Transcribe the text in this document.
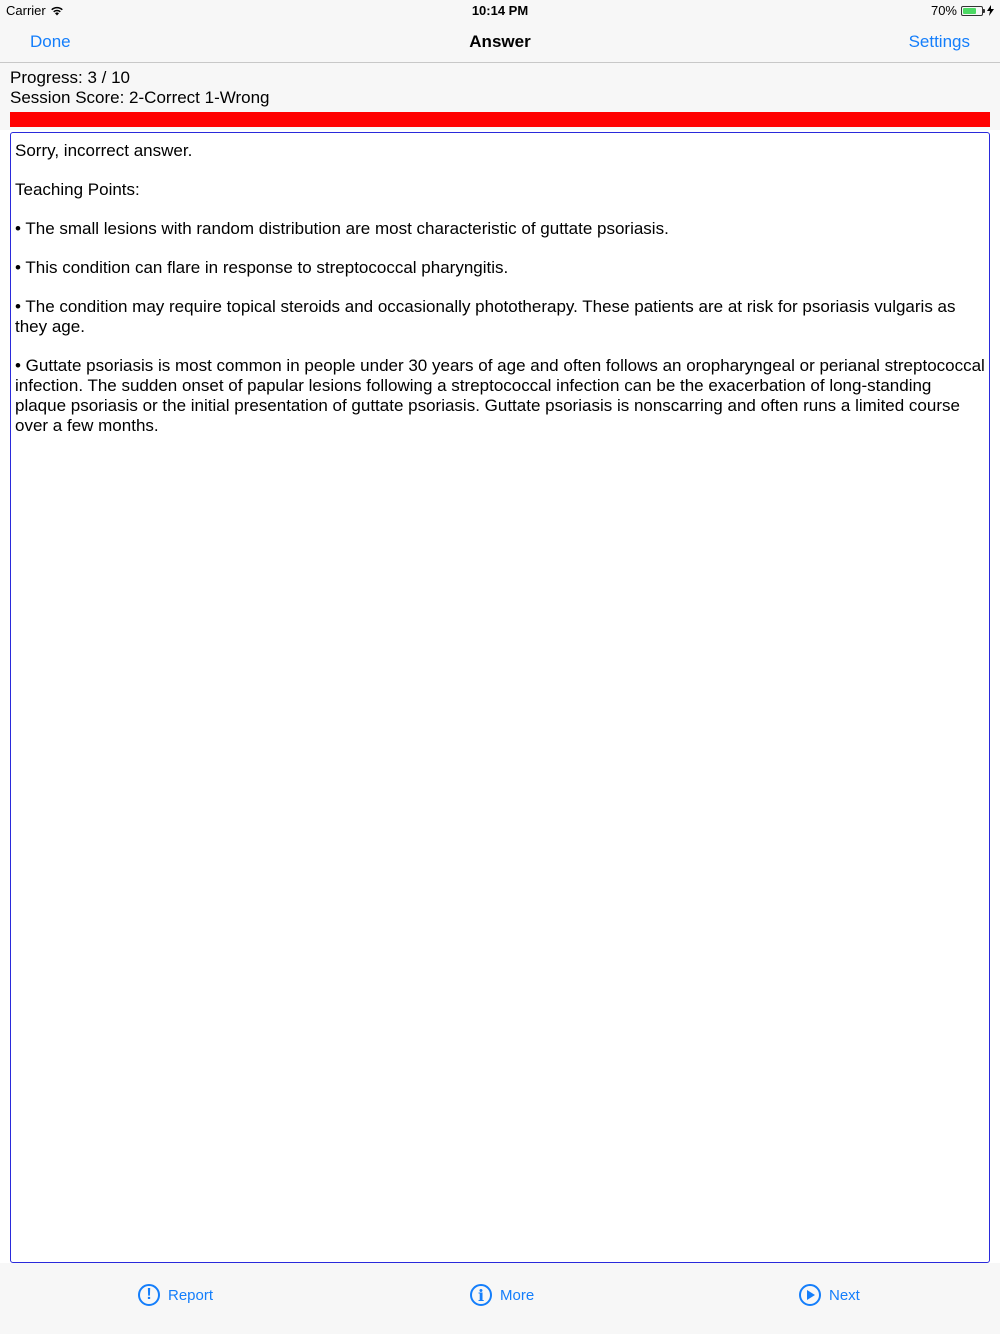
Carrier	10:14 PM	70%
Done	Answer	Settings
Progress: 3 / 10
Session Score: 2-Correct 1-Wrong

Sorry, incorrect answer.

Teaching Points:

• The small lesions with random distribution are most characteristic of guttate psoriasis.

• This condition can flare in response to streptococcal pharyngitis.

• The condition may require topical steroids and occasionally phototherapy. These patients are at risk for psoriasis vulgaris as they age.

• Guttate psoriasis is most common in people under 30 years of age and often follows an oropharyngeal or perianal streptococcal infection. The sudden onset of papular lesions following a streptococcal infection can be the exacerbation of long-standing plaque psoriasis or the initial presentation of guttate psoriasis. Guttate psoriasis is nonscarring and often runs a limited course over a few months.

!	Report	i	More	Next
